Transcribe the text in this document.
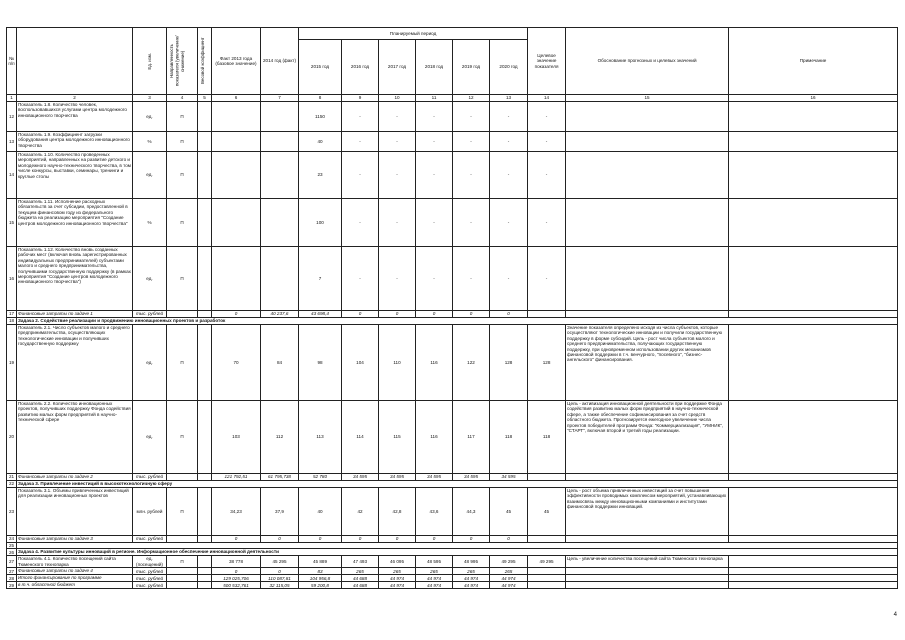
№ п/п		Ед. изм.	Направленность показателя (увеличение/снижение)	Весовой коэффициент	Факт 2013 года (базовое значение)	2014 год (факт)	Планируемый период						Целевое значение показателя	Обоснование прогнозных и целевых значений	Примечание
							2015 год	2016 год	2017 год	2018 год	2019 год	2020 год			
1	2	3	4	5	6	7	8	9	10	11	12	13	14	15	16
12	Показатель 1.8. Количество человек, воспользовавшихся услугами центра молодежного инновационного творчества	ед.	П				1150	-	-	-	-	-	-		
13	Показатель 1.9. Коэффициент загрузки оборудования центра молодежного инновационного творчества	%	П				40	-	-	-	-	-	-		
14	Показатель 1.10. Количество проведенных мероприятий, направленных на развитие детского и молодежного научно-технического творчества, в том числе конкурсы, выставки, семинары, тренинги и круглые столы	ед.	П				23	-	-	-	-	-	-		
15	Показатель 1.11. Исполнение расходных обязательств за счет субсидии, предоставленной в текущем финансовом году из федерального бюджета на реализацию мероприятия "Создание центров молодежного инновационного творчества"	%	П				100	-	-	-	-	-	-		
16	Показатель 1.12. Количество вновь созданных рабочих мест (включая вновь зарегистрированных индивидуальных предпринимателей) субъектами малого и среднего предпринимательства, получившими государственную поддержку (в рамках мероприятия "Создание центров молодежного инновационного творчества")	ед.	П				7	-	-	-	-	-	-		
17	Финансовые затраты по задаче 1	тыс. рублей			0	40 237,6	43 698,4	0	0	0	0	0			
18	Задача 2. Содействие реализации и продвижению инновационных проектов и разработок														
19	Показатель 2.1. Число субъектов малого и среднего предпринимательства, осуществляющих технологические инновации и получивших государственную поддержку	ед.	П		70	84	98	104	110	116	122	128	128	Значение показателя определено исходя из числа субъектов, которые осуществляют технологические инновации и получили государственную поддержку в форме субсидий. Цель - рост числа субъектов малого и среднего предпринимательства, получающих государственную поддержку, при одновременном использовании других механизмов финансовой поддержки в т.ч. венчурного, "посевного", "бизнес-ангельского" финансирования.	
20	Показатель 2.2. Количество инновационных проектов, получивших поддержку Фонда содействия развитию малых форм предприятий в научно-технической сфере	ед.	П		103	112	113	114	115	116	117	118	118	Цель - активизация инновационной деятельности при поддержке Фонда содействия развитию малых форм предприятий в научно-технической сфере, а также обеспечение софинансирования за счет средств областного бюджета. Прогнозируется ежегодное увеличение числа проектов победителей программ Фонда: "Коммерциализация", "УМНИК", "СТАРТ", включая второй и третий годы реализации.	
21	Финансовые затраты по задаче 2	тыс. рублей			121 792,51	61 795,738	52 780	34 595	34 595	34 595	34 595	34 595			
22	Задача 3. Привлечение инвестиций в высокотехнологичную сферу														
23	Показатель 3.1. Объемы привлеченных инвестиций для реализации инновационных проектов	млн. рублей	П		34,23	37,9	40	42	42,8	43,6	44,3	45	45	Цель - рост объема привлеченных инвестиций за счет повышения эффективности проводимых комплексом мероприятий, устанавливающих взаимосвязь между инновационными компаниями и институтами финансовой поддержки инноваций.	
24	Финансовые затраты по задаче 3	тыс. рублей			0	0	0	0	0	0	0	0			
25															
26	Задача 4. Развитие культуры инноваций в регионе. Информационное обеспечение инновационной деятельности														
27	Показатель 4.1. Количество посещений сайта Тюменского технопарка	ед. (посещений)	П		38 778	45 295	45 889	47 493	46 095	48 595	48 995	49 295	49 295	Цель - увеличение количества посещений сайта Тюменского технопарка	
27	Финансовые затраты по задаче 4	тыс. рублей			0	0	83	265	265	265	265	265			
28	Итого финансирование по программе	тыс. рублей			129 025,706	110 087,81	104 956,8	44 688	44 974	44 974	44 974	44 974			
29	в т.ч. областной бюджет	тыс. рублей			500 532,761	32 115,05	59 200,8	44 688	44 974	44 974	44 974	44 974			
4
